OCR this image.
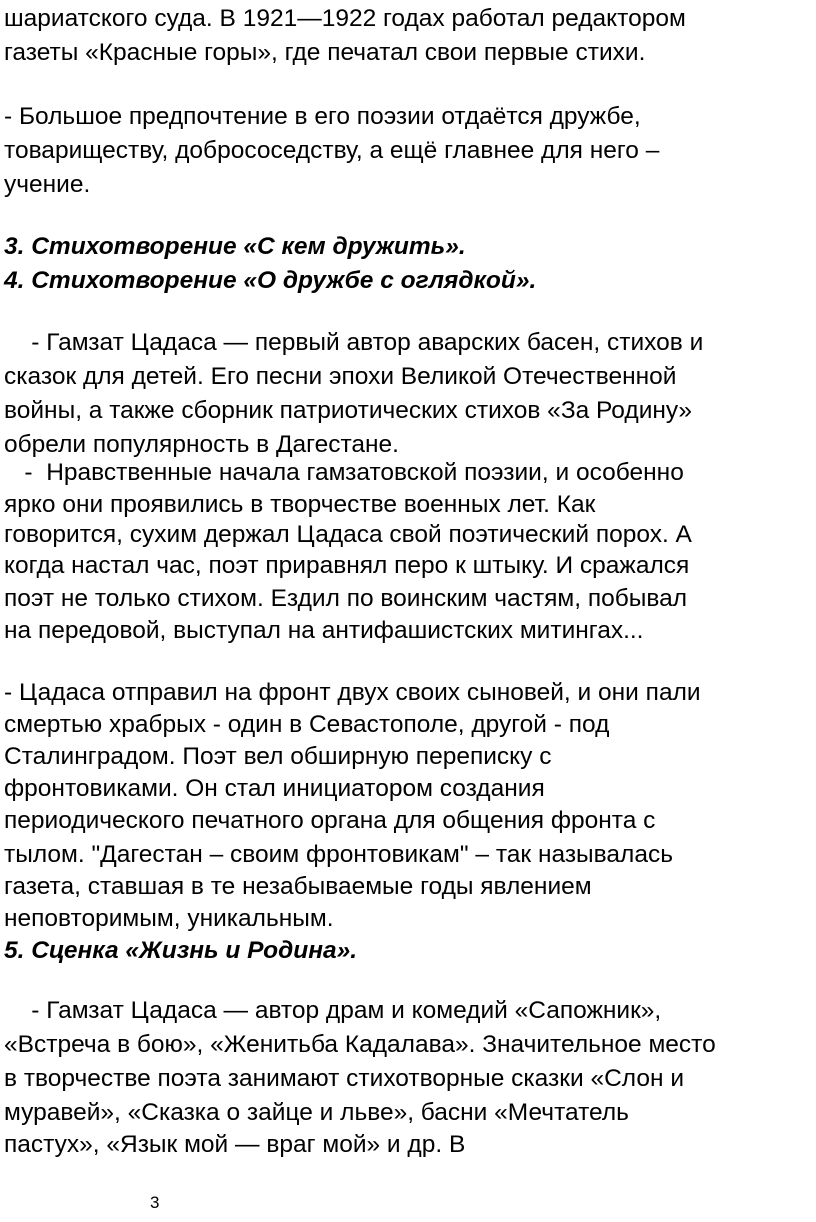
шариатского суда. В 1921—1922 годах работал редактором
газеты «Красные горы», где печатал свои первые стихи.
- Большое предпочтение в его поэзии отдаётся дружбе,
товариществу, добрососедству, а ещё главнее для него –
учение.
3. Стихотворение «С кем дружить».
4. Стихотворение «О дружбе с оглядкой».
- Гамзат Цадаса — первый автор аварских басен, стихов и
сказок для детей. Его песни эпохи Великой Отечественной
войны, а также сборник патриотических стихов «За Родину»
обрели популярность в Дагестане.
-  Нравственные начала гамзатовской поэзии, и особенно
ярко они проявились в творчестве военных лет. Как
говорится, сухим держал Цадаса свой поэтический порох. А
когда настал час, поэт приравнял перо к штыку. И сражался
поэт не только стихом. Ездил по воинским частям, побывал
на передовой, выступал на антифашистских митингах...
- Цадаса отправил на фронт двух своих сыновей, и они пали
смертью храбрых - один в Севастополе, другой - под
Сталинградом. Поэт вел обширную переписку с
фронтовиками. Он стал инициатором создания
периодического печатного органа для общения фронта с
тылом. "Дагестан – своим фронтовикам" – так называлась
газета, ставшая в те незабываемые годы явлением
неповторимым, уникальным.
5. Сценка «Жизнь и Родина».
- Гамзат Цадаса — автор драм и комедий «Сапожник»,
«Встреча в бою», «Женитьба Кадалава». Значительное место
в творчестве поэта занимают стихотворные сказки «Слон и
муравей», «Сказка о зайце и льве», басни «Мечтатель
пастух», «Язык мой — враг мой» и др. В
3
